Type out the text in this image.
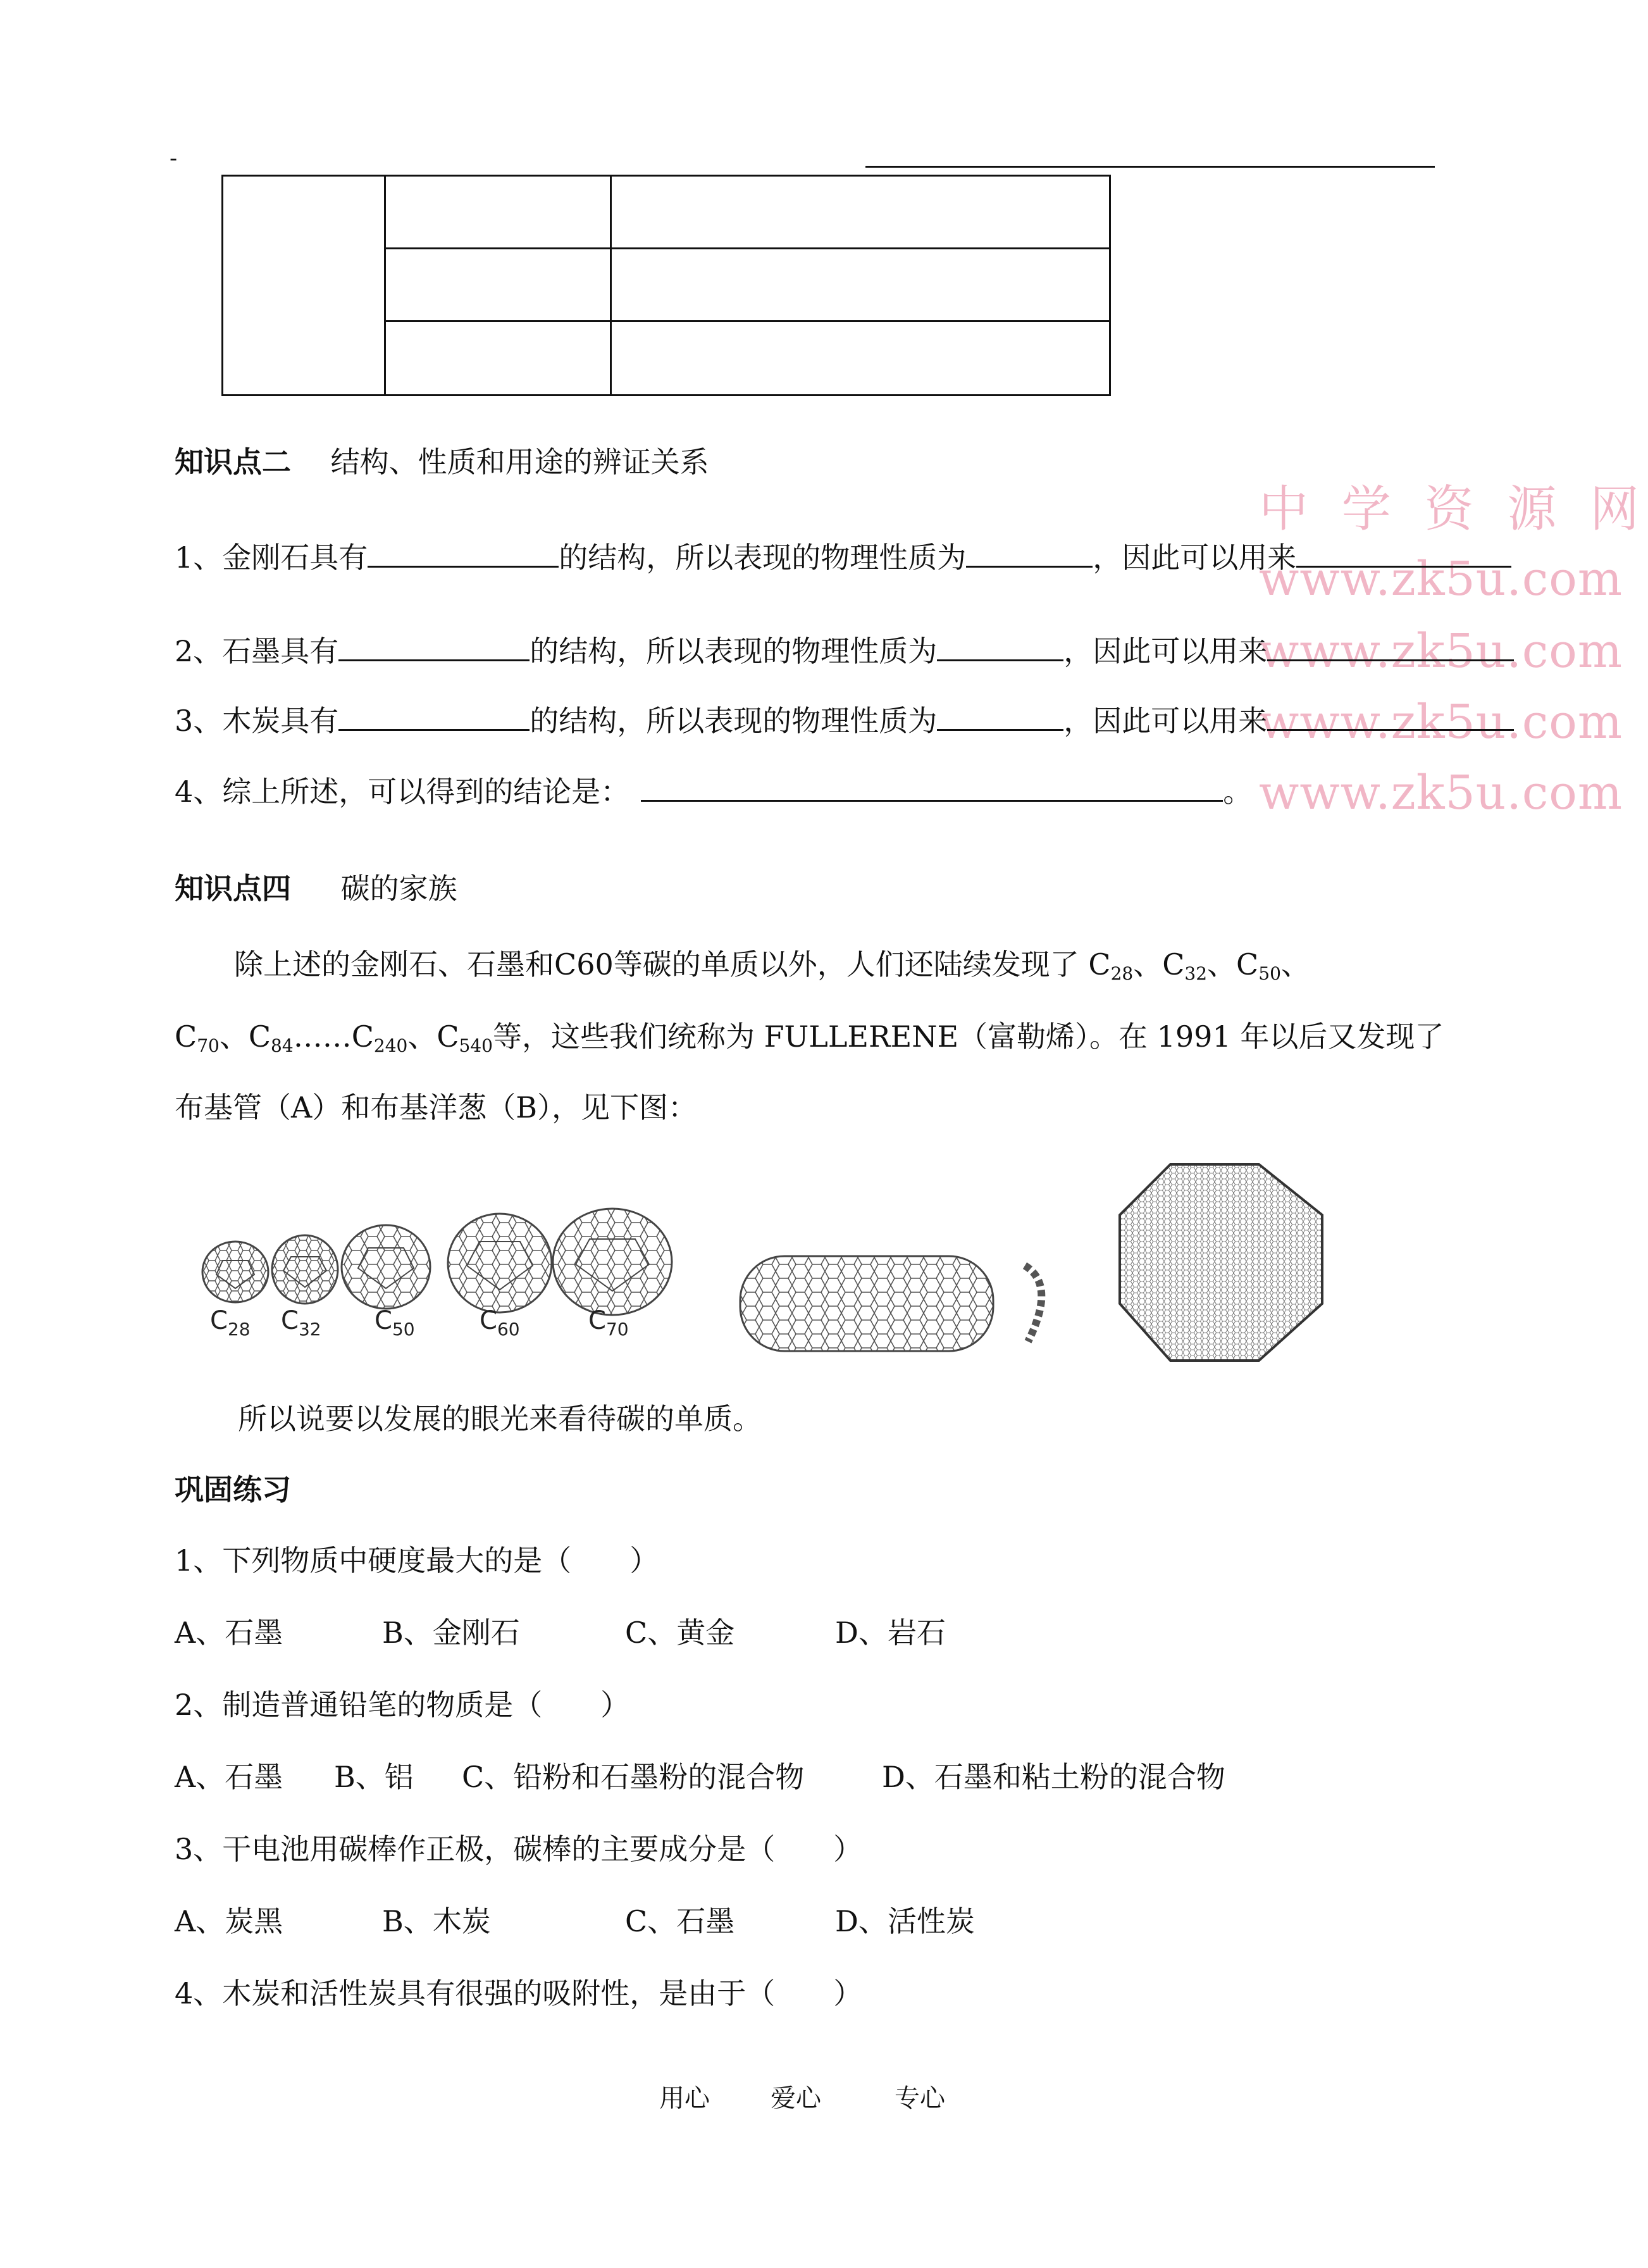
-
中 学 资 源 网
www.zk5u.com
www.zk5u.com
www.zk5u.com
www.zk5u.com
知识点二 结构、性质和用途的辨证关系
1、金刚石具有	的结构，所以表现的物理性质为	，因此可以用来
2、石墨具有	的结构，所以表现的物理性质为	，因此可以用来
3、木炭具有	的结构，所以表现的物理性质为	，因此可以用来
4、综上所述，可以得到的结论是：	。
知识点四 碳的家族
除上述的金刚石、石墨和C60等碳的单质以外，人们还陆续发现了 $C_{28}$、$C_{32}$、$C_{50}$、
$C_{70}$、$C_{84}\dots\dots C_{240}$、$C_{540}$等，这些我们统称为 FULLERENE（富勒烯）。在 1991 年以后又发现了
布基管（A）和布基洋葱（B），见下图：
$C_{28}$ $C_{32}$ $C_{50}$	$C_{60}$	$C_{70}$
所以说要以发展的眼光来看待碳的单质。
巩固练习
1、下列物质中硬度最大的是（　　）
A、石墨	B、金刚石	C、黄金	D、岩石
2、制造普通铅笔的物质是（　　）
A、石墨 B、铝 C、铅粉和石墨粉的混合物	D、石墨和粘土粉的混合物
3、干电池用碳棒作正极，碳棒的主要成分是（　　）
A、炭黑	B、木炭	C、石墨	D、活性炭
4、木炭和活性炭具有很强的吸附性，是由于（　　）
用心 爱心	专心
